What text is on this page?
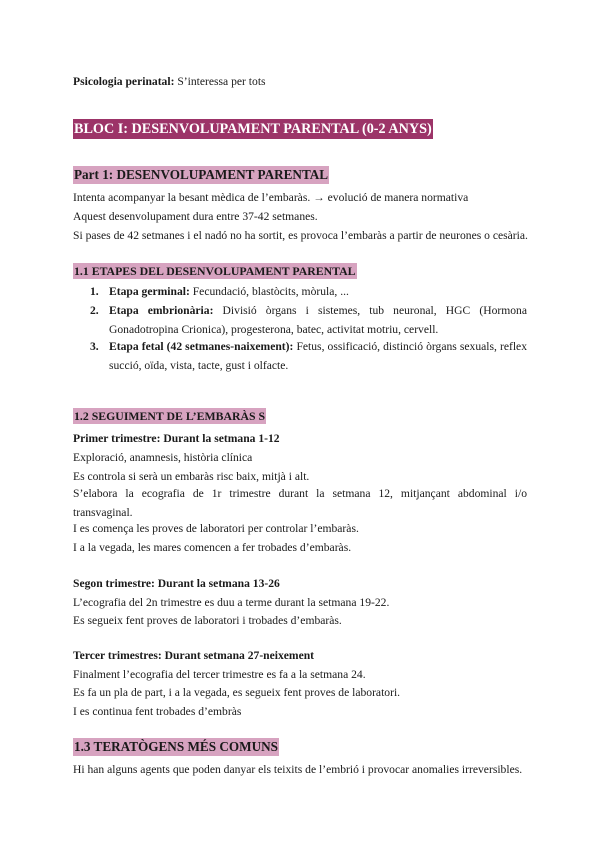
Psicologia perinatal: S’interessa per tots
BLOC I: DESENVOLUPAMENT PARENTAL (0-2 ANYS)
Part 1: DESENVOLUPAMENT PARENTAL
Intenta acompanyar la besant mèdica de l’embaràs. → evolució de manera normativa
Aquest desenvolupament dura entre 37-42 setmanes.
Si pases de 42 setmanes i el nadó no ha sortit, es provoca l’embaràs a partir de neurones o cesària.
1.1 ETAPES DEL DESENVOLUPAMENT PARENTAL
1. Etapa germinal: Fecundació, blastòcits, mòrula, ...
2. Etapa embrionària: Divisió òrgans i sistemes, tub neuronal, HGC (Hormona Gonadotropina Crionica), progesterona, batec, activitat motriu, cervell.
3. Etapa fetal (42 setmanes-naixement): Fetus, ossificació, distinció òrgans sexuals, reflex succió, oïda, vista, tacte, gust i olfacte.
1.2 SEGUIMENT DE L’EMBARÀS S
Primer trimestre: Durant la setmana 1-12
Exploració, anamnesis, història clínica
Es controla si serà un embaràs risc baix, mitjà i alt.
S’elabora la ecografia de 1r trimestre durant la setmana 12, mitjançant abdominal i/o transvaginal.
I es comença les proves de laboratori per controlar l’embaràs.
I a la vegada, les mares comencen a fer trobades d’embaràs.
Segon trimestre: Durant la setmana 13-26
L’ecografia del 2n trimestre es duu a terme durant la setmana 19-22.
Es segueix fent proves de laboratori i trobades d’embaràs.
Tercer trimestres: Durant setmana 27-neixement
Finalment l’ecografia del tercer trimestre es fa a la setmana 24.
Es fa un pla de part, i a la vegada, es segueix fent proves de laboratori.
I es continua fent trobades d’embràs
1.3 TERATÒGENS MÉS COMUNS
Hi han alguns agents que poden danyar els teixits de l’embrió i provocar anomalies irreversibles.
